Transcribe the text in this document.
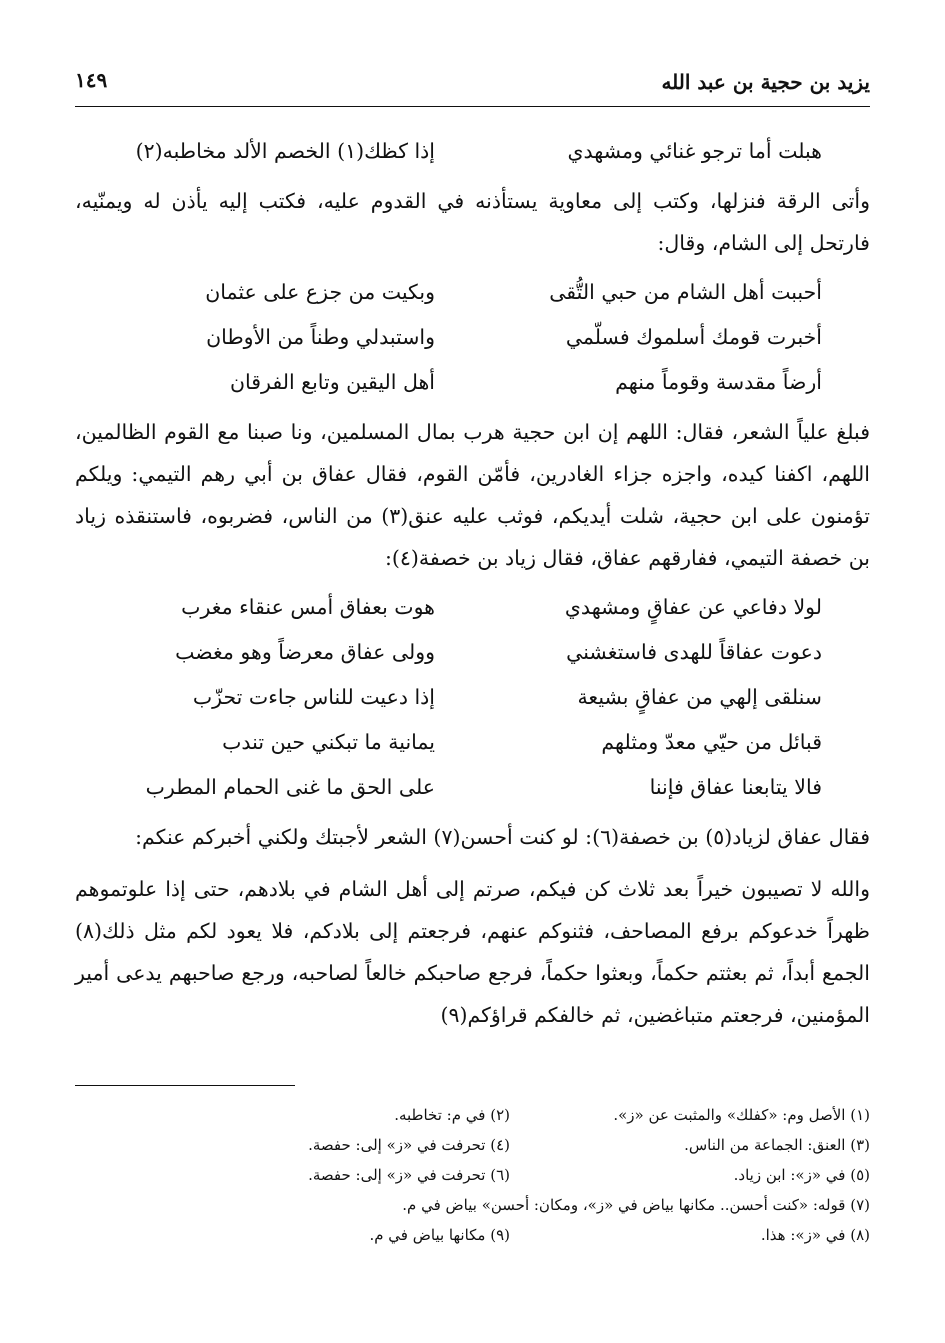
يزيد بن حجية بن عبد الله
١٤٩
هبلت أما ترجو غنائي ومشهدي
إذا كظك(١) الخصم الألد مخاطبه(٢)

وأتى الرقة فنزلها، وكتب إلى معاوية يستأذنه في القدوم عليه، فكتب إليه يأذن له ويمنّيه، فارتحل إلى الشام، وقال:

أحببت أهل الشام من حبي التُّقى
وبكيت من جزع على عثمان
أخبرت قومك أسلموك فسلّمي
واستبدلي وطناً من الأوطان
أرضاً مقدسة وقوماً منهم
أهل اليقين وتابع الفرقان

فبلغ علياً الشعر، فقال: اللهم إن ابن حجية هرب بمال المسلمين، ونا صبنا مع القوم الظالمين، اللهم، اكفنا كيده، واجزه جزاء الغادرين، فأمّن القوم، فقال عفاق بن أبي رهم التيمي: ويلكم تؤمنون على ابن حجية، شلت أيديكم، فوثب عليه عنق(٣) من الناس، فضربوه، فاستنقذه زياد بن خصفة التيمي، ففارقهم عفاق، فقال زياد بن خصفة(٤):

لولا دفاعي عن عفاقٍ ومشهدي
هوت بعفاق أمس عنقاء مغرب
دعوت عفاقاً للهدى فاستغشني
وولى عفاق معرضاً وهو مغضب
سنلقى إلهي من عفاقٍ بشيعة
إذا دعيت للناس جاءت تحزّب
قبائل من حيّي معدّ ومثلهم
يمانية ما تبكني حين تندب
فالا يتابعنا عفاق فإننا
على الحق ما غنى الحمام المطرب

فقال عفاق لزياد(٥) بن خصفة(٦): لو كنت أحسن(٧) الشعر لأجبتك ولكني أخبركم عنكم:

والله لا تصيبون خيراً بعد ثلاث كن فيكم، صرتم إلى أهل الشام في بلادهم، حتى إذا علوتموهم ظهراً خدعوكم برفع المصاحف، فثنوكم عنهم، فرجعتم إلى بلادكم، فلا يعود لكم مثل ذلك(٨) الجمع أبداً، ثم بعثتم حكماً، وبعثوا حكماً، فرجع صاحبكم خالعاً لصاحبه، ورجع صاحبهم يدعى أمير المؤمنين، فرجعتم متباغضين، ثم خالفكم قراؤكم(٩)

(١) الأصل وم: «كفلك» والمثبت عن «ز».
(٢) في م: تخاطبه.
(٣) العنق: الجماعة من الناس.
(٤) تحرفت في «ز» إلى: حفصة.
(٥) في «ز»: ابن زياد.
(٦) تحرفت في «ز» إلى: حفصة.
(٧) قوله: «كنت أحسن.. مكانها بياض في «ز»، ومكان: أحسن» بياض في م.
(٨) في «ز»: هذا.
(٩) مكانها بياض في م.
